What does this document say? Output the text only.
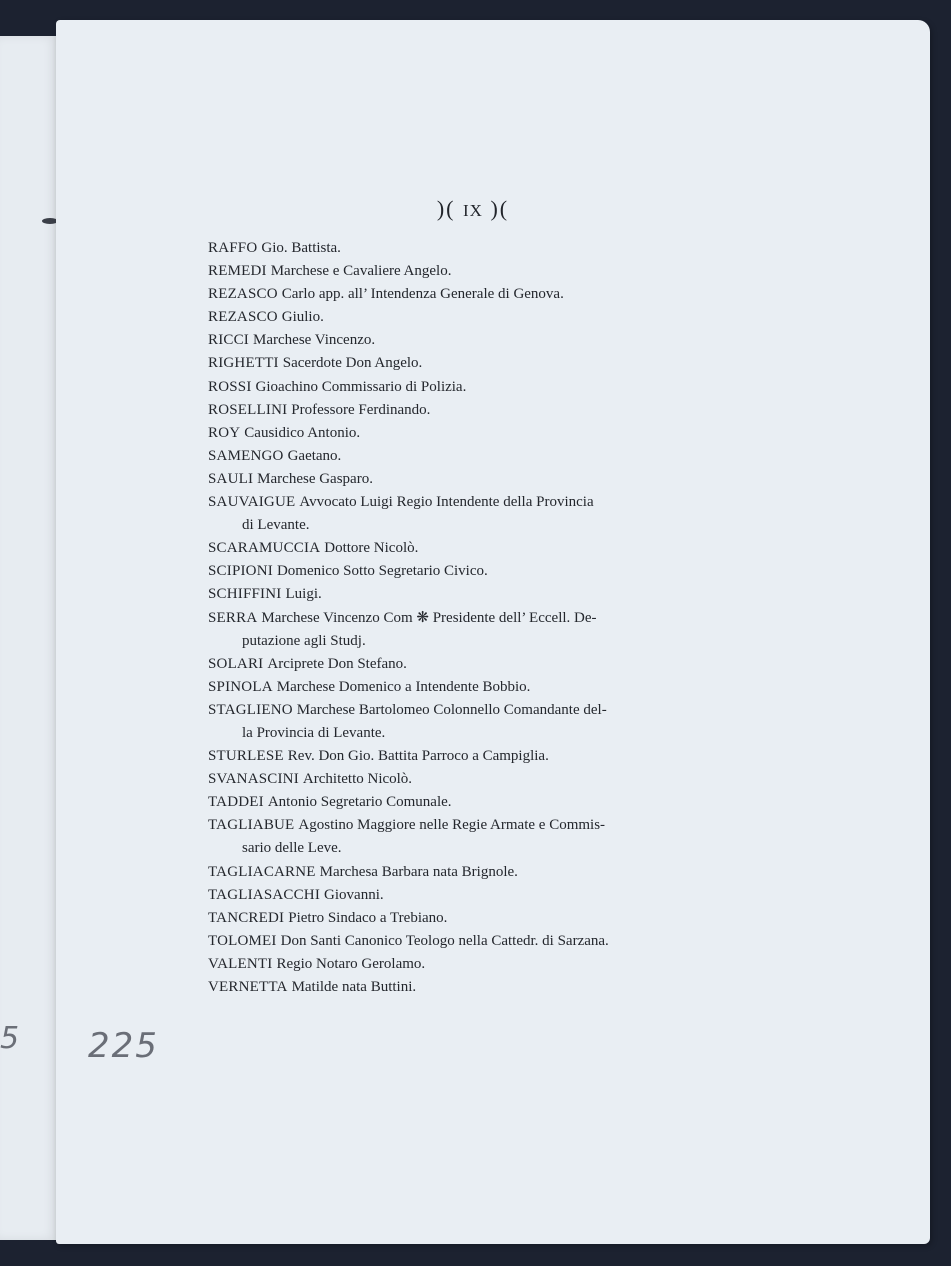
5
)( IX )(
RAFFO Gio. Battista.
REMEDI Marchese e Cavaliere Angelo.
REZASCO Carlo app. all’ Intendenza Generale di Genova.
REZASCO Giulio.
RICCI Marchese Vincenzo.
RIGHETTI Sacerdote Don Angelo.
ROSSI Gioachino Commissario di Polizia.
ROSELLINI Professore Ferdinando.
ROY Causidico Antonio.
SAMENGO Gaetano.
SAULI Marchese Gasparo.
SAUVAIGUE Avvocato Luigi Regio Intendente della Provincia
di Levante.
SCARAMUCCIA Dottore Nicolò.
SCIPIONI Domenico Sotto Segretario Civico.
SCHIFFINI Luigi.
SERRA Marchese Vincenzo Com ❋ Presidente dell’ Eccell. De-
putazione agli Studj.
SOLARI Arciprete Don Stefano.
SPINOLA Marchese Domenico a Intendente Bobbio.
STAGLIENO Marchese Bartolomeo Colonnello Comandante del-
la Provincia di Levante.
STURLESE Rev. Don Gio. Battita Parroco a Campiglia.
SVANASCINI Architetto Nicolò.
TADDEI Antonio Segretario Comunale.
TAGLIABUE Agostino Maggiore nelle Regie Armate e Commis-
sario delle Leve.
TAGLIACARNE Marchesa Barbara nata Brignole.
TAGLIASACCHI Giovanni.
TANCREDI Pietro Sindaco a Trebiano.
TOLOMEI Don Santi Canonico Teologo nella Cattedr. di Sarzana.
VALENTI Regio Notaro Gerolamo.
VERNETTA Matilde nata Buttini.
225
